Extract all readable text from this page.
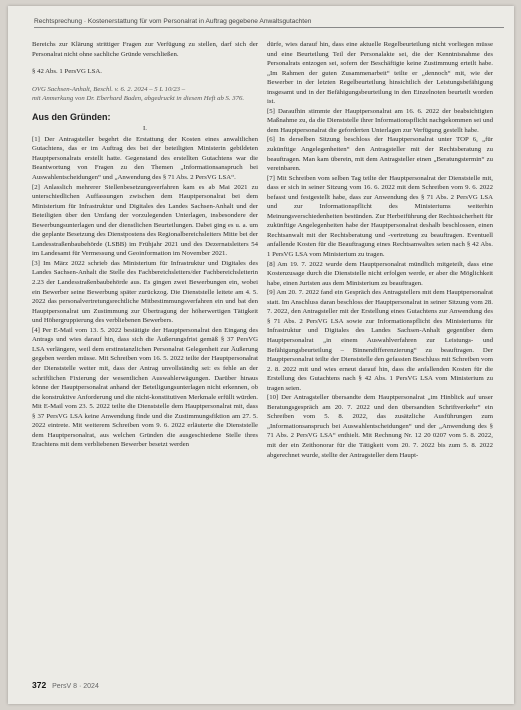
Rechtsprechung · Kostenerstattung für vom Personalrat in Auftrag gegebene Anwaltsgutachten

Bereichs zur Klärung strittiger Fragen zur Verfügung zu stellen, darf sich der Personalrat nicht ohne sachliche Gründe verschließen.

§ 42 Abs. 1 PersVG LSA.

OVG Sachsen-Anhalt, Beschl. v. 6. 2. 2024 – 5 L 10/23 –

mit Anmerkung von Dr. Eberhard Baden, abgedruckt in diesem Heft ab S. 376.

Aus den Gründen:

I.

[1] Der Antragsteller begehrt die Erstattung der Kosten eines anwaltlichen Gutachtens, das er im Auftrag des bei der beteiligten Ministerin gebildeten Hauptpersonalrats erstellt hatte. Gegenstand des erstellten Gutachtens war die Beantwortung von Fragen zu den Themen „Informationsanspruch bei Auswahlentscheidungen“ und „Anwendung des § 71 Abs. 2 PersVG LSA“.

[2] Anlasslich mehrerer Stellenbesetzungsverfahren kam es ab Mai 2021 zu unterschiedlichen Auffassungen zwischen dem Hauptpersonalrat bei dem Ministerium für Infrastruktur und Digitales des Landes Sachsen-Anhalt und der Beteiligten über den Umfang der vorzulegenden Unterlagen, insbesondere der Bewerbungsunterlagen und der dienstlichen Beurteilungen. Dabei ging es u. a. um die geplante Besetzung des Dienstpostens des Regionalbereichsleiters Mitte bei der Landesstraßenbaubehörde (LSBB) im Frühjahr 2021 und des Dezernatsleiters 54 im Landesamt für Vermessung und Geoinformation im November 2021.

[3] Im März 2022 schrieb das Ministerium für Infrastruktur und Digitales des Landes Sachsen-Anhalt die Stelle des Fachbereichsleiters/der Fachbereichsleiterin 2.23 der Landesstraßenbaubehörde aus. Es gingen zwei Bewerbungen ein, wobei ein Bewerber seine Bewerbung später zurückzog. Die Dienststelle leitete am 4. 5. 2022 das personalvertretungsrechtliche Mitbestimmungsverfahren ein und bat den Hauptpersonalrat um Zustimmung zur Übertragung der höherwertigen Tätigkeit und Höhergruppierung des verbliebenen Bewerbers.

[4] Per E-Mail vom 13. 5. 2022 bestätigte der Hauptpersonalrat den Eingang des Antrags und wies darauf hin, dass sich die Äußerungsfrist gemäß § 37 PersVG LSA verlängere, weil dem erstinstanzlichen Personalrat Gelegenheit zur Äußerung gegeben werden müsse. Mit Schreiben vom 16. 5. 2022 teilte der Hauptpersonalrat der Dienststelle weiter mit, dass der Antrag unvollständig sei: es fehle an der schriftlichen Fixierung der wesentlichen Auswahlerwägungen. Darüber hinaus könne der Hauptpersonalrat anhand der Beteiligungsunterlagen nicht erkennen, ob die konstruktive Anforderung und die nicht-konstitutiven Merkmale erfüllt würden. Mit E-Mail vom 23. 5. 2022 teilte die Dienststelle dem Hauptpersonalrat mit, dass § 37 PersVG LSA keine Anwendung finde und die Zustimmungsfiktion am 27. 5. 2022 eintrete. Mit weiterem Schreiben vom 9. 6. 2022 erläuterte die Dienststelle dem Hauptpersonalrat, aus welchen Gründen die ausgeschiedene Stelle ihres Erachtens mit dem verbliebenen Bewerber besetzt werden

dürfe, wies darauf hin, dass eine aktuelle Regelbeurteilung nicht vorliegen müsse und eine Beurteilung Teil der Personalakte sei, die der Kenntnisnahme des Personalrats entzogen sei, sofern der Beschäftigte keine Zustimmung erteilt habe. „Im Rahmen der guten Zusammenarbeit“ teilte er „dennoch“ mit, wie der Bewerber in der letzten Regelbeurteilung hinsichtlich der Leistungsbefähigung insgesamt und in der Befähigungsbeurteilung in den Einzelnoten beurteilt worden ist.

[5] Daraufhin stimmte der Hauptpersonalrat am 16. 6. 2022 der beabsichtigten Maßnahme zu, da die Dienststelle ihrer Informationspflicht nachgekommen sei und dem Hauptpersonalrat die geforderten Unterlagen zur Verfügung gestellt habe.

[6] In derselben Sitzung beschloss der Hauptpersonalrat unter TOP 6, „für zukünftige Angelegenheiten“ den Antragsteller mit der Rechtsberatung zu beauftragen. Man kam überein, mit dem Antragsteller einen „Beratungstermin“ zu vereinbaren.

[7] Mit Schreiben vom selben Tag teilte der Hauptpersonalrat der Dienststelle mit, dass er sich in seiner Sitzung vom 16. 6. 2022 mit dem Schreiben vom 9. 6. 2022 befasst und festgestellt habe, dass zur Anwendung des § 71 Abs. 2 PersVG LSA und zur Informationspflicht des Ministeriums weiterhin Meinungsverschiedenheiten bestünden. Zur Herbeiführung der Rechtssicherheit für zukünftige Angelegenheiten habe der Hauptpersonalrat deshalb beschlossen, einen Rechtsanwalt mit der Rechtsberatung und -vertretung zu beauftragen. Eventuell anfallende Kosten für die Beauftragung eines Rechtsanwaltes seien nach § 42 Abs. 1 PersVG LSA vom Ministerium zu tragen.

[8] Am 19. 7. 2022 wurde dem Hauptpersonalrat mündlich mitgeteilt, dass eine Kostenzusage durch die Dienststelle nicht erfolgen werde, er aber die Möglichkeit habe, einen Juristen aus dem Ministerium zu beauftragen.

[9] Am 20. 7. 2022 fand ein Gespräch des Antragstellers mit dem Hauptpersonalrat statt. Im Anschluss daran beschloss der Hauptpersonalrat in seiner Sitzung vom 28. 7. 2022, den Antragsteller mit der Erstellung eines Gutachtens zur Anwendung des § 71 Abs. 2 PersVG LSA sowie zur Informationspflicht des Ministeriums für Infrastruktur und Digitales des Landes Sachsen-Anhalt gegenüber dem Hauptpersonalrat „in einem Auswahlverfahren zur Leistungs- und Befähigungsbeurteilung – Binnendifferenzierung“ zu beauftragen. Der Hauptpersonalrat teilte der Dienststelle den gefassten Beschluss mit Schreiben vom 2. 8. 2022 mit und wies erneut darauf hin, dass die anfallenden Kosten für die Erstellung des Gutachtens nach § 42 Abs. 1 PersVG LSA vom Ministerium zu tragen seien.

[10] Der Antragsteller übersandte dem Hauptpersonalrat „im Hinblick auf unser Beratungsgespräch am 20. 7. 2022 und den übersandten Schriftverkehr“ ein Schreiben vom 5. 8. 2022, das zusätzliche Ausführungen zum „Informationsanspruch bei Auswahlentscheidungen“ und der „Anwendung des § 71 Abs. 2 PersVG LSA“ enthielt. Mit Rechnung Nr. 12 20 0207 vom 5. 8. 2022, mit der ein Zeithonorar für die Tätigkeit vom 20. 7. 2022 bis zum 5. 8. 2022 abgerechnet wurde, stellte der Antragsteller dem Haupt-

372 PersV 8 · 2024
